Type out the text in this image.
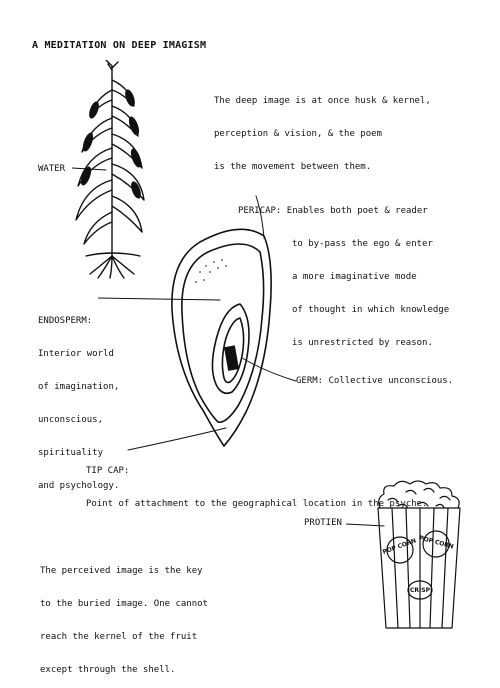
A MEDITATION ON DEEP IMAGISM

The deep image is at once husk & kernel,

perception & vision, & the poem

is the movement between them.

WATER

PERICAP: Enables both poet & reader

to by-pass the ego & enter

a more imaginative mode

of thought in which knowledge

is unrestricted by reason.

ENDOSPERM:

Interior world

of imagination,

unconscious,

spirituality

and psychology.

GERM: Collective unconscious.

TIP CAP:

Point of attachment to the geographical location in the psyche.

The perceived image is the key

to the buried image. One cannot

reach the kernel of the fruit

except through the shell.

PROTIEN
POP CORN POP CORN
CRISP
